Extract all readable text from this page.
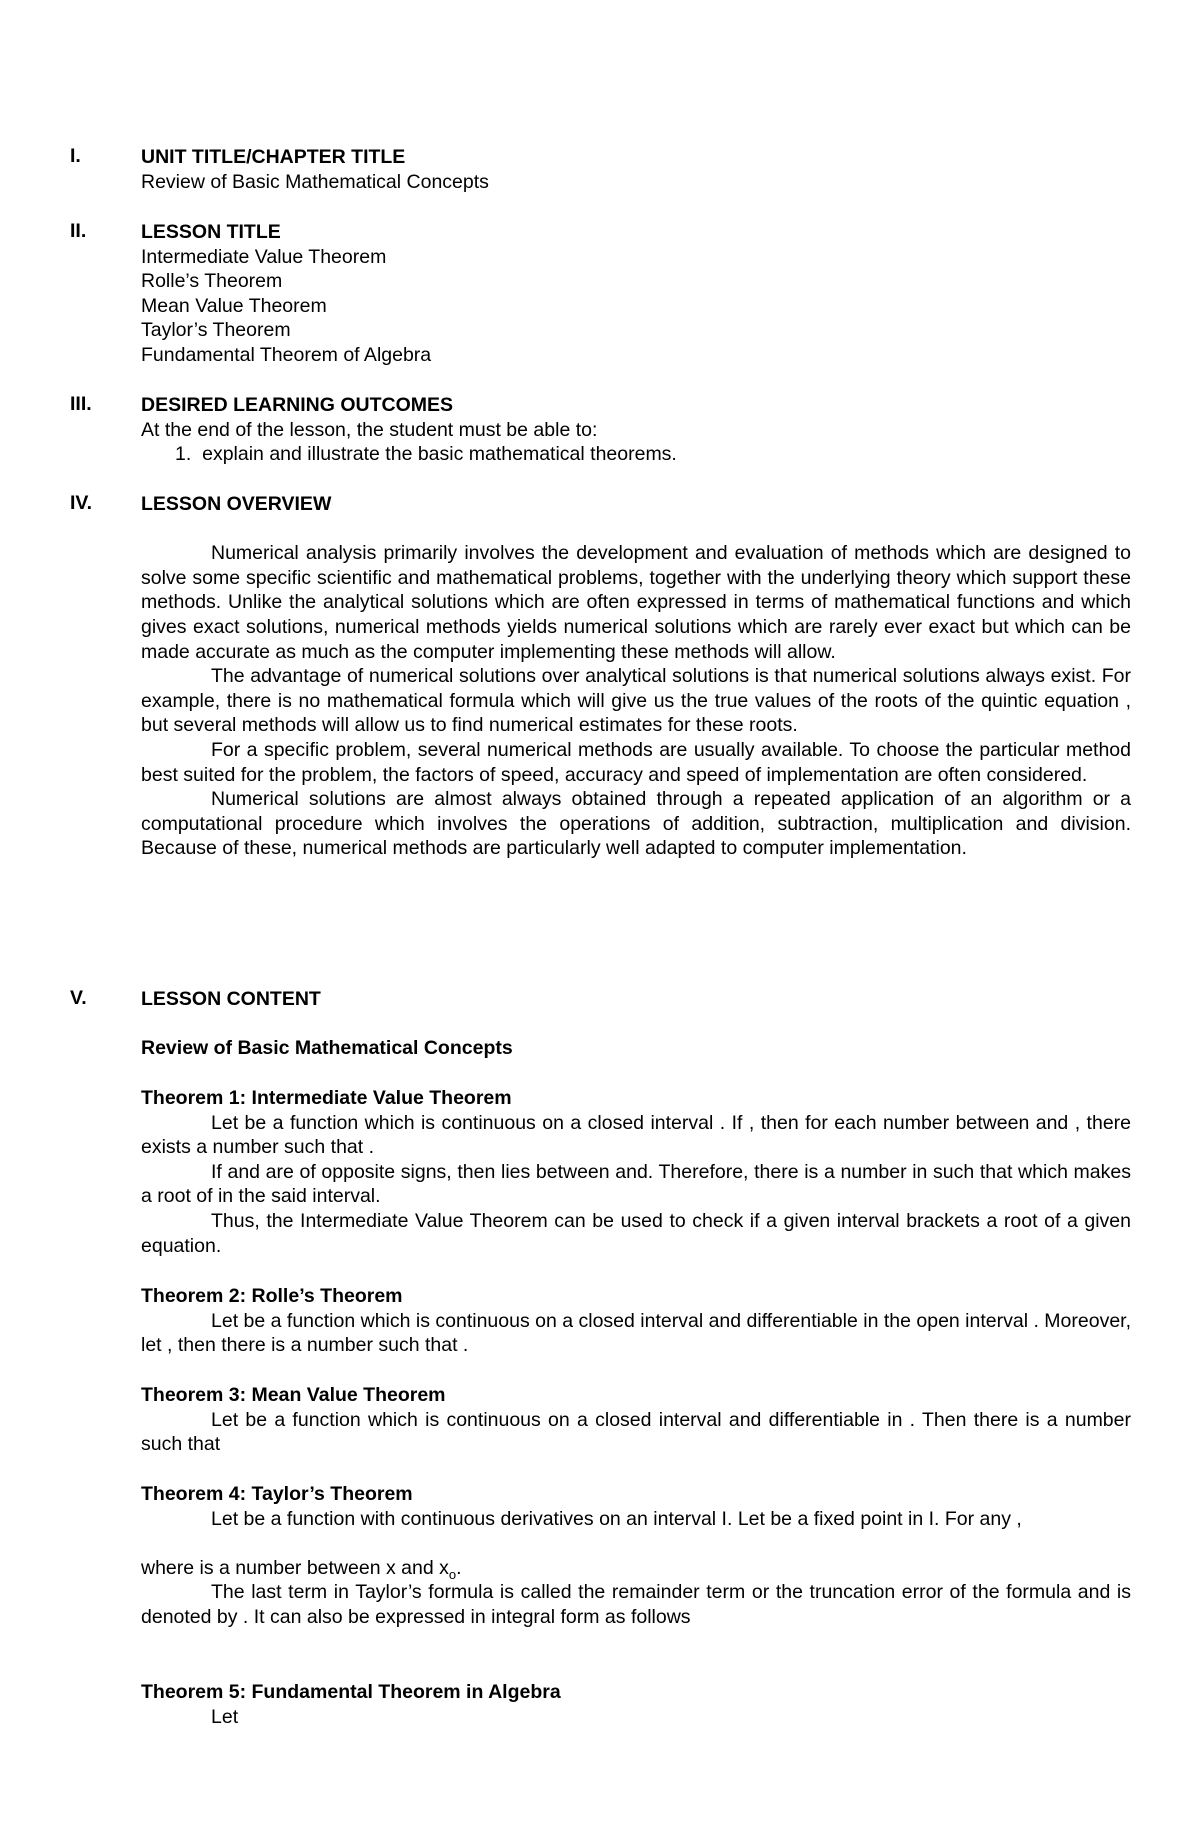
I.	UNIT TITLE/CHAPTER TITLE

Review of Basic Mathematical Concepts

II.	LESSON TITLE

Intermediate Value Theorem

Rolle’s Theorem

Mean Value Theorem

Taylor’s Theorem

Fundamental Theorem of Algebra

III.	DESIRED LEARNING OUTCOMES

At the end of the lesson, the student must be able to:

1. explain and illustrate the basic mathematical theorems.

IV.	LESSON OVERVIEW

Numerical analysis primarily involves the development and evaluation of methods which are designed to solve some specific scientific and mathematical problems, together with the underlying theory which support these methods. Unlike the analytical solutions which are often expressed in terms of mathematical functions and which gives exact solutions, numerical methods yields numerical solutions which are rarely ever exact but which can be made accurate as much as the computer implementing these methods will allow.

The advantage of numerical solutions over analytical solutions is that numerical solutions always exist. For example, there is no mathematical formula which will give us the true values of the roots of the quintic equation , but several methods will allow us to find numerical estimates for these roots.

For a specific problem, several numerical methods are usually available. To choose the particular method best suited for the problem, the factors of speed, accuracy and speed of implementation are often considered.

Numerical solutions are almost always obtained through a repeated application of an algorithm or a computational procedure which involves the operations of addition, subtraction, multiplication and division. Because of these, numerical methods are particularly well adapted to computer implementation.

V.	LESSON CONTENT

Review of Basic Mathematical Concepts

Theorem 1: Intermediate Value Theorem

Let be a function which is continuous on a closed interval . If , then for each number between and , there exists a number such that .

If and are of opposite signs, then lies between and. Therefore, there is a number in such that which makes a root of in the said interval.

Thus, the Intermediate Value Theorem can be used to check if a given interval brackets a root of a given equation.

Theorem 2: Rolle’s Theorem

Let be a function which is continuous on a closed interval and differentiable in the open interval . Moreover, let , then there is a number such that .

Theorem 3: Mean Value Theorem

Let be a function which is continuous on a closed interval and differentiable in . Then there is a number such that

Theorem 4: Taylor’s Theorem

Let be a function with continuous derivatives on an interval I. Let be a fixed point in I. For any ,

where is a number between x and $x_o$.

The last term in Taylor’s formula is called the remainder term or the truncation error of the formula and is denoted by . It can also be expressed in integral form as follows

Theorem 5: Fundamental Theorem in Algebra

Let
